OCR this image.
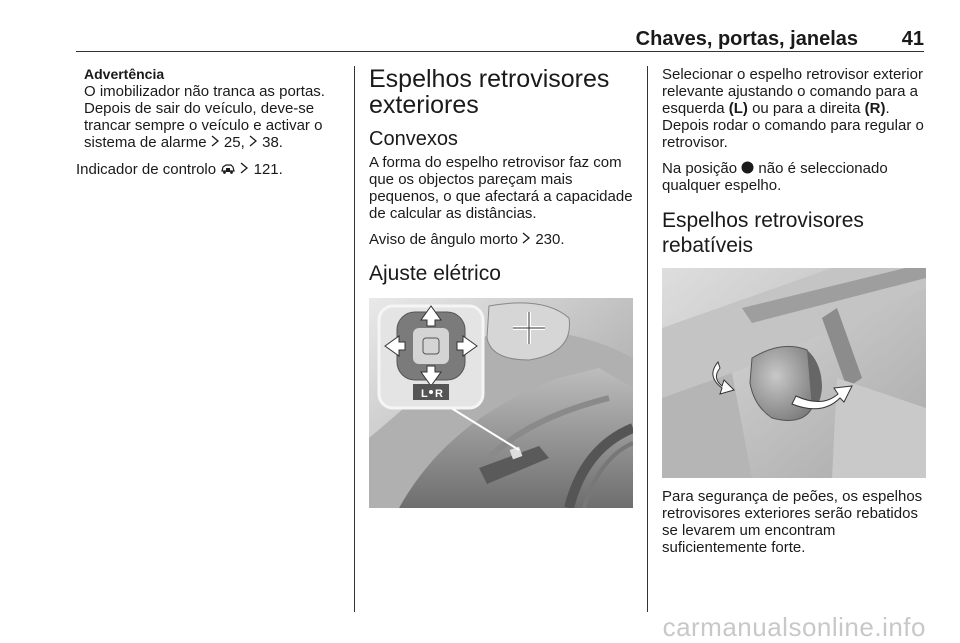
Chaves, portas, janelas 41

Advertência

O imobilizador não tranca as portas. Depois de sair do veículo, deve-se trancar sempre o veículo e activar o sistema de alarme 25,  38.

Indicador de controlo	121.

Espelhos retrovisores exteriores
Convexos

A forma do espelho retrovisor faz com que os objectos pareçam mais pequenos, o que afectará a capacidade de calcular as distâncias.

Aviso de ângulo morto 230.

Ajuste elétrico
L R

Selecionar o espelho retrovisor exterior relevante ajustando o comando para a esquerda (L) ou para a direita (R). Depois rodar o comando para regular o retrovisor.

Na posição não é seleccionado qualquer espelho.

Espelhos retrovisores rebatíveis

Para segurança de peões, os espelhos retrovisores exteriores serão rebatidos se levarem um encontram suficientemente forte.

carmanualsonline.info
